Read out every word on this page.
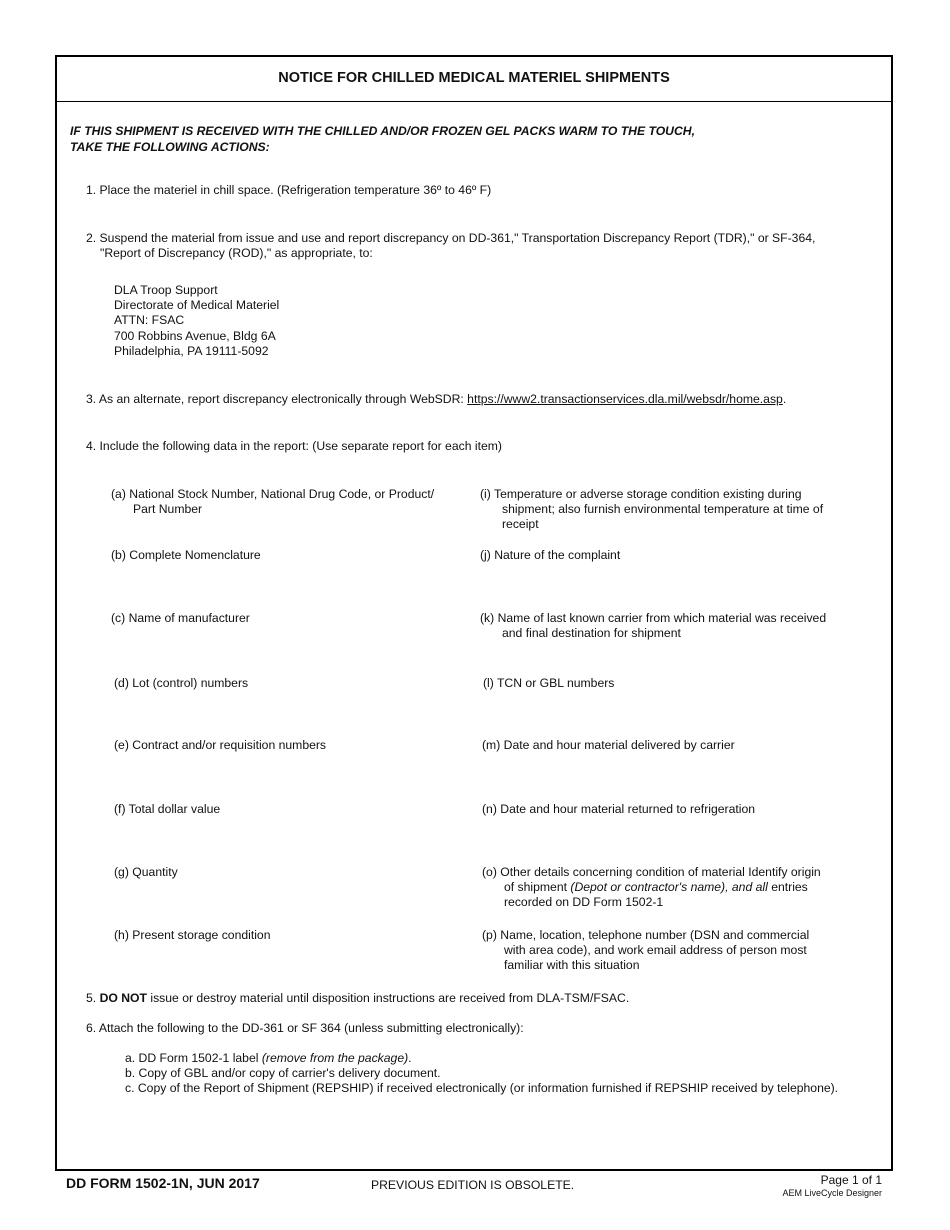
NOTICE FOR CHILLED MEDICAL MATERIEL SHIPMENTS
IF THIS SHIPMENT IS RECEIVED WITH THE CHILLED AND/OR FROZEN GEL PACKS WARM TO THE TOUCH,
TAKE THE FOLLOWING ACTIONS:
1. Place the materiel in chill space. (Refrigeration temperature 36º to 46º F)
2. Suspend the material from issue and use and report discrepancy on DD-361," Transportation Discrepancy Report (TDR)," or SF-364,
"Report of Discrepancy (ROD)," as appropriate, to:
DLA Troop Support
Directorate of Medical Materiel
ATTN: FSAC
700 Robbins Avenue, Bldg 6A
Philadelphia, PA 19111-5092
3. As an alternate, report discrepancy electronically through WebSDR: https://www2.transactionservices.dla.mil/websdr/home.asp.
4. Include the following data in the report: (Use separate report for each item)
(a) National Stock Number, National Drug Code, or Product/
Part Number
(b) Complete Nomenclature
(c) Name of manufacturer
(d) Lot (control) numbers
(e) Contract and/or requisition numbers
(f) Total dollar value
(g) Quantity
(h) Present storage condition
(i) Temperature or adverse storage condition existing during
shipment; also furnish environmental temperature at time of
receipt
(j) Nature of the complaint
(k) Name of last known carrier from which material was received
and final destination for shipment
(l) TCN or GBL numbers
(m) Date and hour material delivered by carrier
(n) Date and hour material returned to refrigeration
(o) Other details concerning condition of material Identify origin
of shipment (Depot or contractor's name), and all entries
recorded on DD Form 1502-1
(p) Name, location, telephone number (DSN and commercial
with area code), and work email address of person most
familiar with this situation
5. DO NOT issue or destroy material until disposition instructions are received from DLA-TSM/FSAC.
6. Attach the following to the DD-361 or SF 364 (unless submitting electronically):
a. DD Form 1502-1 label (remove from the package).
b. Copy of GBL and/or copy of carrier's delivery document.
c. Copy of the Report of Shipment (REPSHIP) if received electronically (or information furnished if REPSHIP received by telephone).
DD FORM 1502-1N, JUN 2017	PREVIOUS EDITION IS OBSOLETE.	Page 1 of 1
AEM LiveCycle Designer
